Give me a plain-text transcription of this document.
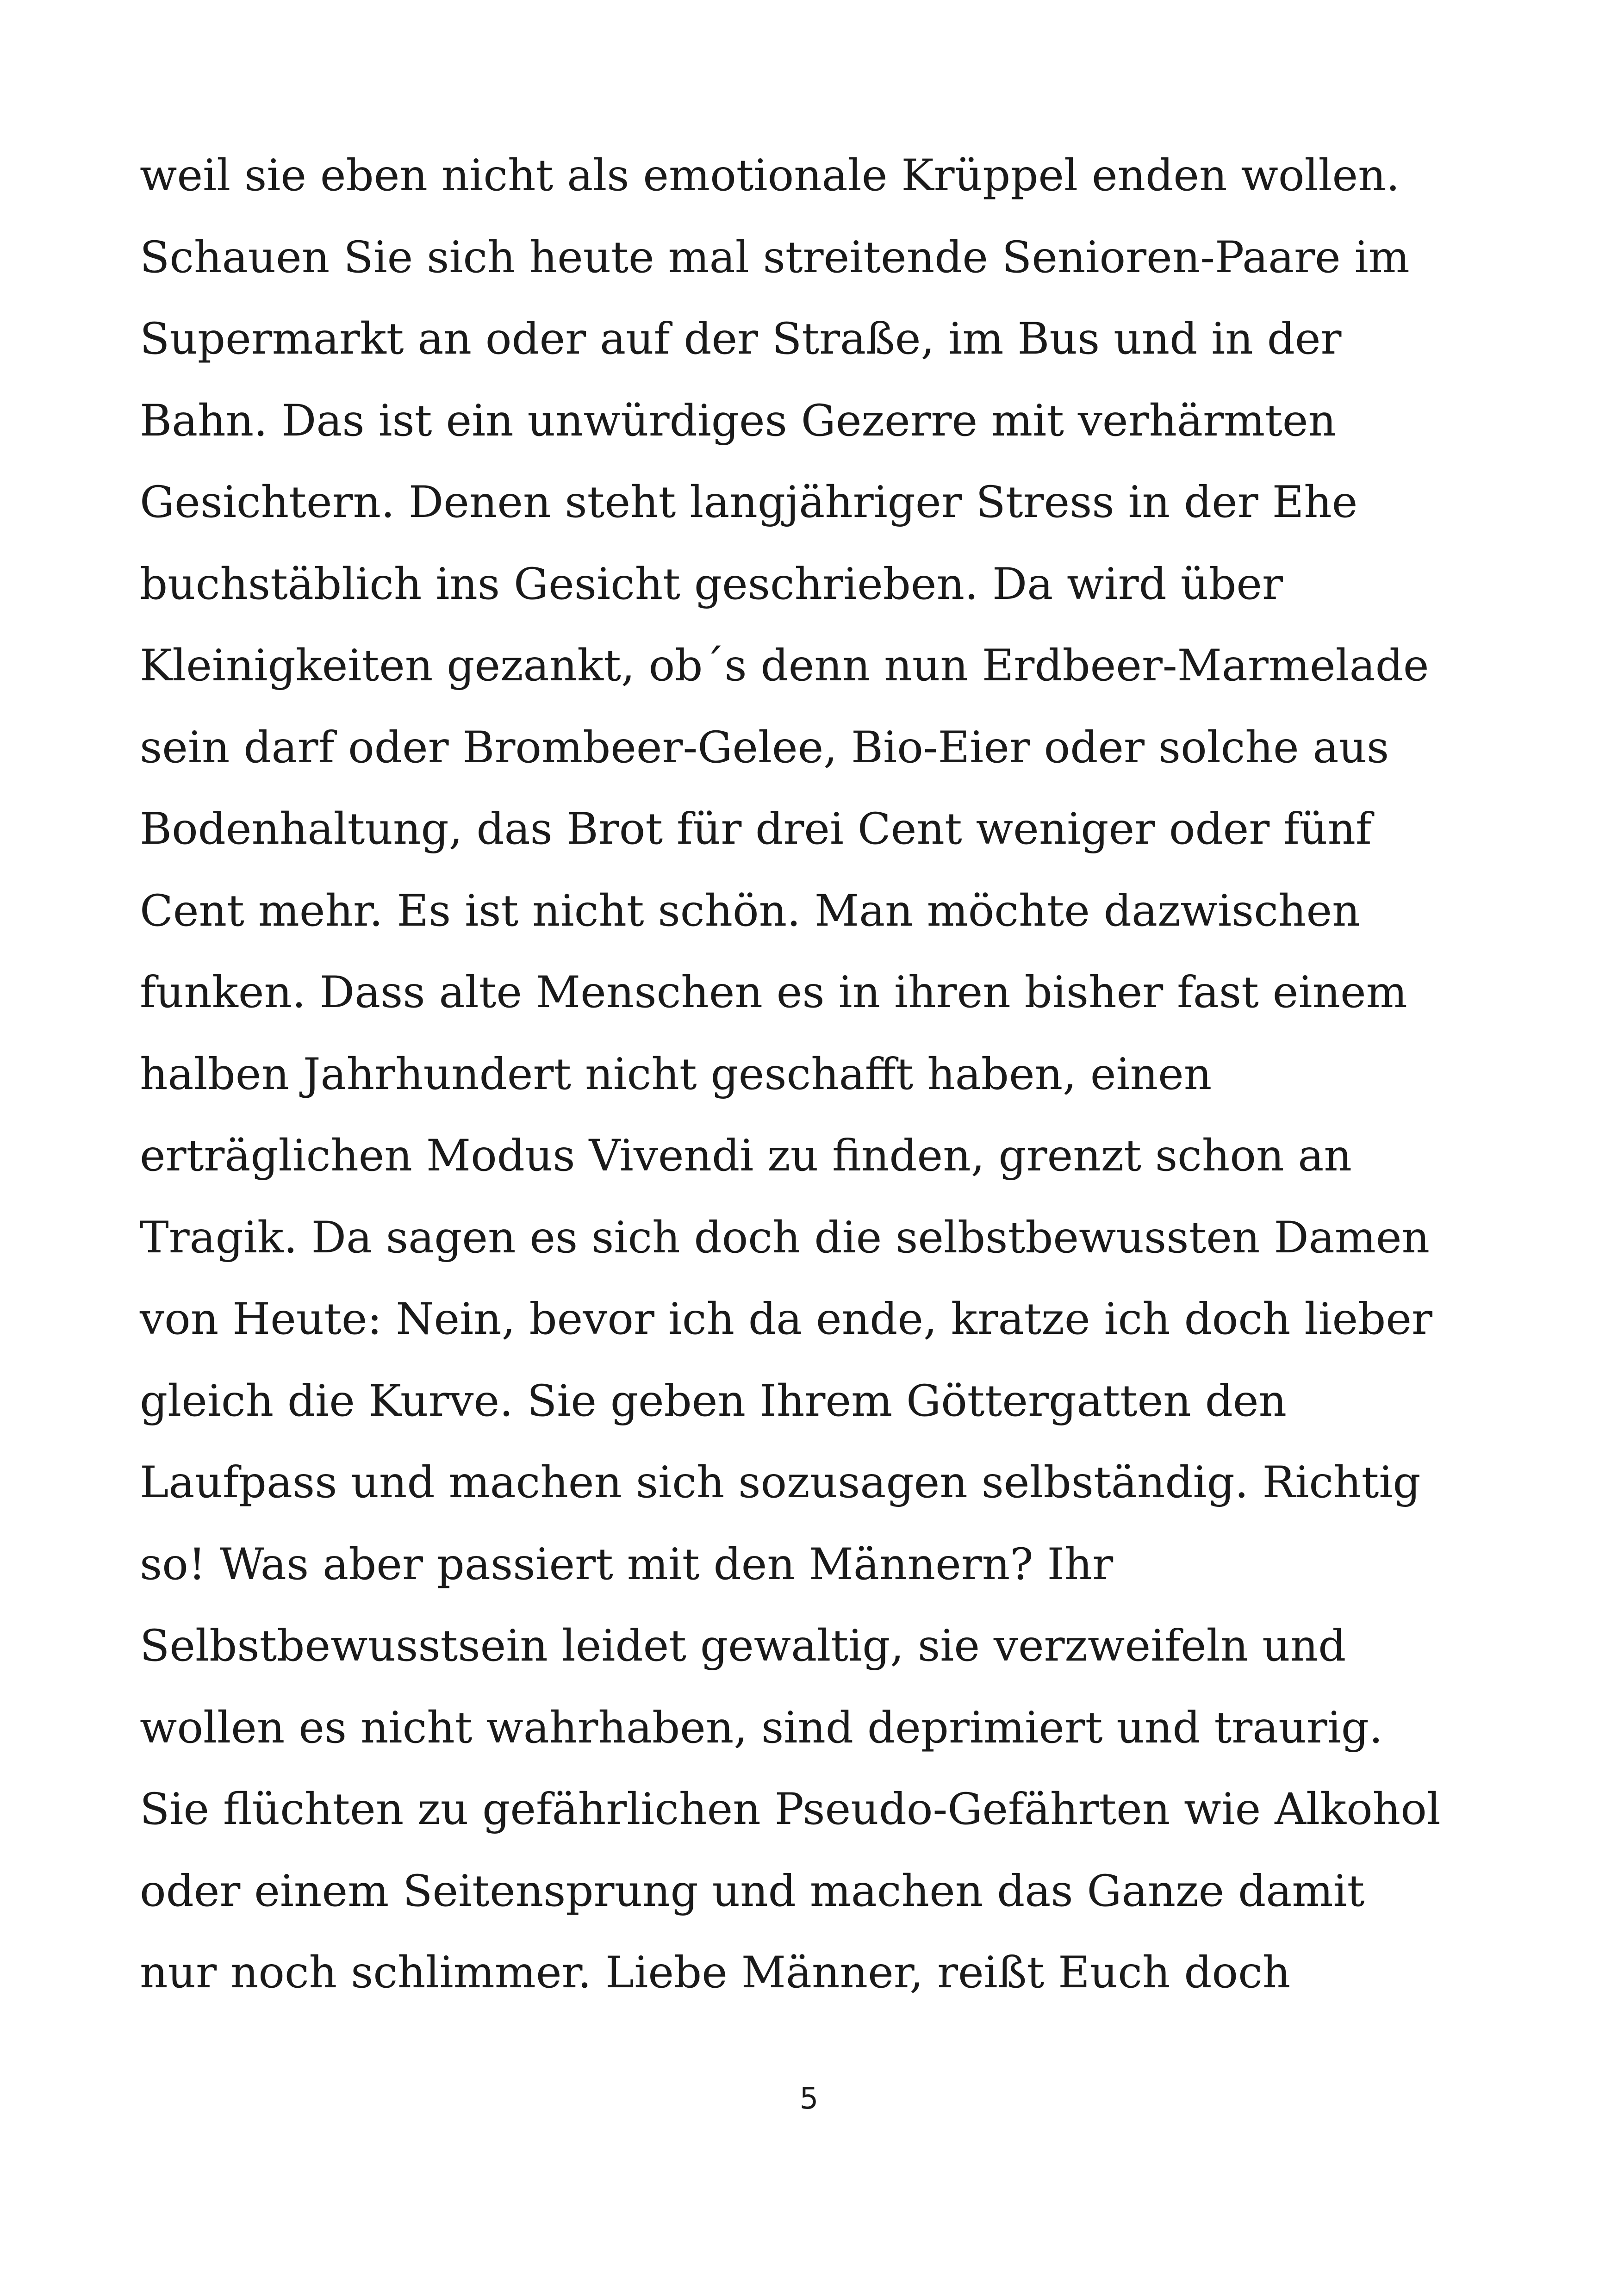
weil sie eben nicht als emotionale Krüppel enden wollen.
Schauen Sie sich heute mal streitende Senioren-Paare im
Supermarkt an oder auf der Straße, im Bus und in der
Bahn. Das ist ein unwürdiges Gezerre mit verhärmten
Gesichtern. Denen steht langjähriger Stress in der Ehe
buchstäblich ins Gesicht geschrieben. Da wird über
Kleinigkeiten gezankt, ob´s denn nun Erdbeer-Marmelade
sein darf oder Brombeer-Gelee, Bio-Eier oder solche aus
Bodenhaltung, das Brot für drei Cent weniger oder fünf
Cent mehr. Es ist nicht schön. Man möchte dazwischen
funken. Dass alte Menschen es in ihren bisher fast einem
halben Jahrhundert nicht geschafft haben, einen
erträglichen Modus Vivendi zu finden, grenzt schon an
Tragik. Da sagen es sich doch die selbstbewussten Damen
von Heute: Nein, bevor ich da ende, kratze ich doch lieber
gleich die Kurve. Sie geben Ihrem Göttergatten den
Laufpass und machen sich sozusagen selbständig. Richtig
so! Was aber passiert mit den Männern? Ihr
Selbstbewusstsein leidet gewaltig, sie verzweifeln und
wollen es nicht wahrhaben, sind deprimiert und traurig.
Sie flüchten zu gefährlichen Pseudo-Gefährten wie Alkohol
oder einem Seitensprung und machen das Ganze damit
nur noch schlimmer. Liebe Männer, reißt Euch doch
5
